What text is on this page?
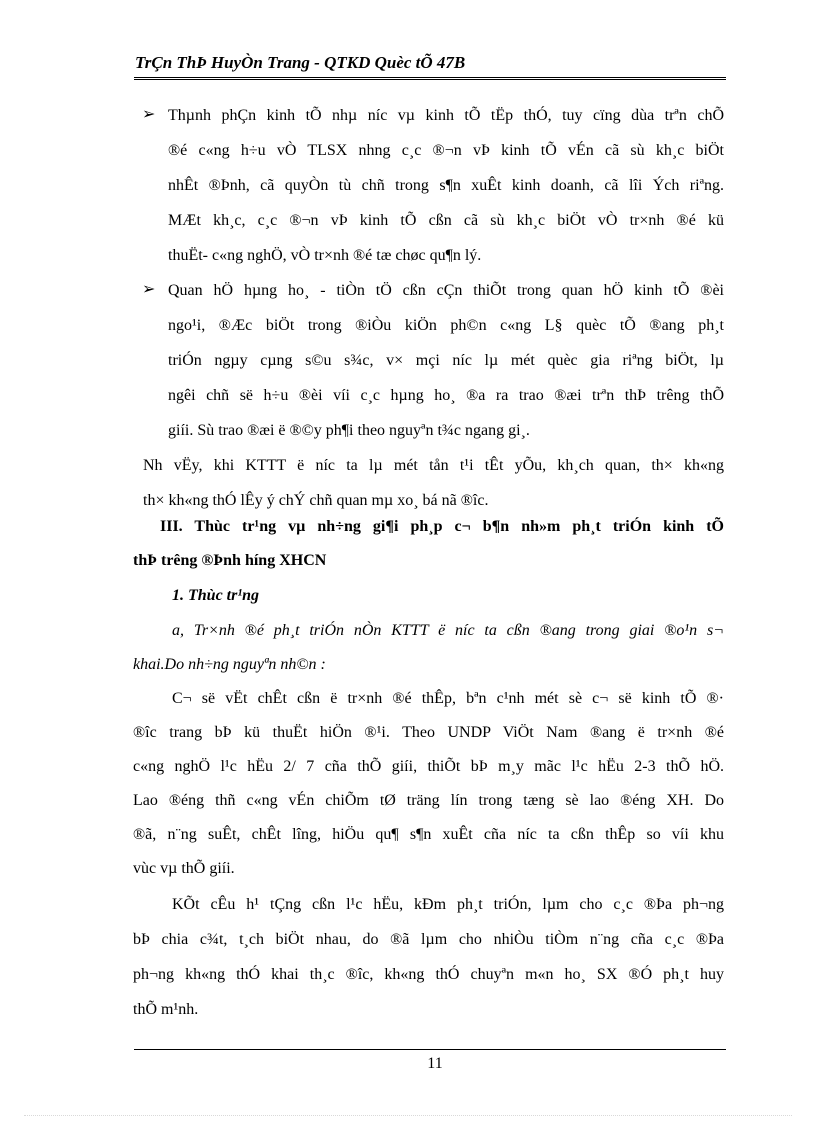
TrÇn ThÞ HuyÒn Trang - QTKD Quèc tÕ 47B
➢ Thµnh phÇn kinh tÕ nhµ níc vµ kinh tÕ tËp thÓ, tuy cïng dùa trªn chÕ
®é c«ng h÷u vÒ TLSX nhng c¸c ®¬n vÞ kinh tÕ vÉn cã sù kh¸c biÖt
nhÊt ®Þnh, cã quyÒn tù chñ trong s¶n xuÊt kinh doanh, cã lîi Ých riªng.
MÆt kh¸c, c¸c ®¬n vÞ kinh tÕ cßn cã sù kh¸c biÖt vÒ tr×nh ®é kü
thuËt- c«ng nghÖ, vÒ tr×nh ®é tæ chøc qu¶n lý.
➢ Quan hÖ hµng ho¸ - tiÒn tÖ cßn cÇn thiÕt trong quan hÖ kinh tÕ ®èi
ngo¹i, ®Æc biÖt trong ®iÒu kiÖn ph©n c«ng L§ quèc tÕ ®ang ph¸t
triÓn ngµy cµng s©u s¾c, v× mçi níc lµ mét quèc gia riªng biÖt, lµ
ngêi chñ së h÷u ®èi víi c¸c hµng ho¸ ®a ra trao ®æi trªn thÞ trêng thÕ
giíi. Sù trao ®æi ë ®©y ph¶i theo nguyªn t¾c ngang gi¸.
Nh vËy, khi KTTT ë níc ta lµ mét tån t¹i tÊt yÕu, kh¸ch quan, th× kh«ng
th× kh«ng thÓ lÊy ý chÝ chñ quan mµ xo¸ bá nã ®îc.
III. Thùc tr¹ng vµ nh÷ng gi¶i ph¸p c¬ b¶n nh»m ph¸t triÓn kinh tÕ
thÞ trêng ®Þnh híng XHCN
1. Thùc tr¹ng
a, Tr×nh ®é ph¸t triÓn nÒn KTTT ë níc ta cßn ®ang trong giai ®o¹n s¬
khai.Do nh÷ng nguyªn nh©n :
C¬ së vËt chÊt cßn ë tr×nh ®é thÊp, bªn c¹nh mét sè c¬ së kinh tÕ ®·
®îc trang bÞ kü thuËt hiÖn ®¹i. Theo UNDP ViÖt Nam ®ang ë tr×nh ®é
c«ng nghÖ l¹c hËu 2/ 7 cña thÕ giíi, thiÕt bÞ m¸y mãc l¹c hËu 2-3 thÕ hÖ.
Lao ®éng thñ c«ng vÉn chiÕm tØ träng lín trong tæng sè lao ®éng XH. Do
®ã, n¨ng suÊt, chÊt lîng, hiÖu qu¶ s¶n xuÊt cña níc ta cßn thÊp so víi khu
vùc vµ thÕ giíi.
KÕt cÊu h¹ tÇng cßn l¹c hËu, kÐm ph¸t triÓn, lµm cho c¸c ®Þa ph¬ng
bÞ chia c¾t, t¸ch biÖt nhau, do ®ã lµm cho nhiÒu tiÒm n¨ng cña c¸c ®Þa
ph¬ng kh«ng thÓ khai th¸c ®îc, kh«ng thÓ chuyªn m«n ho¸ SX ®Ó ph¸t huy
thÕ m¹nh.
11
